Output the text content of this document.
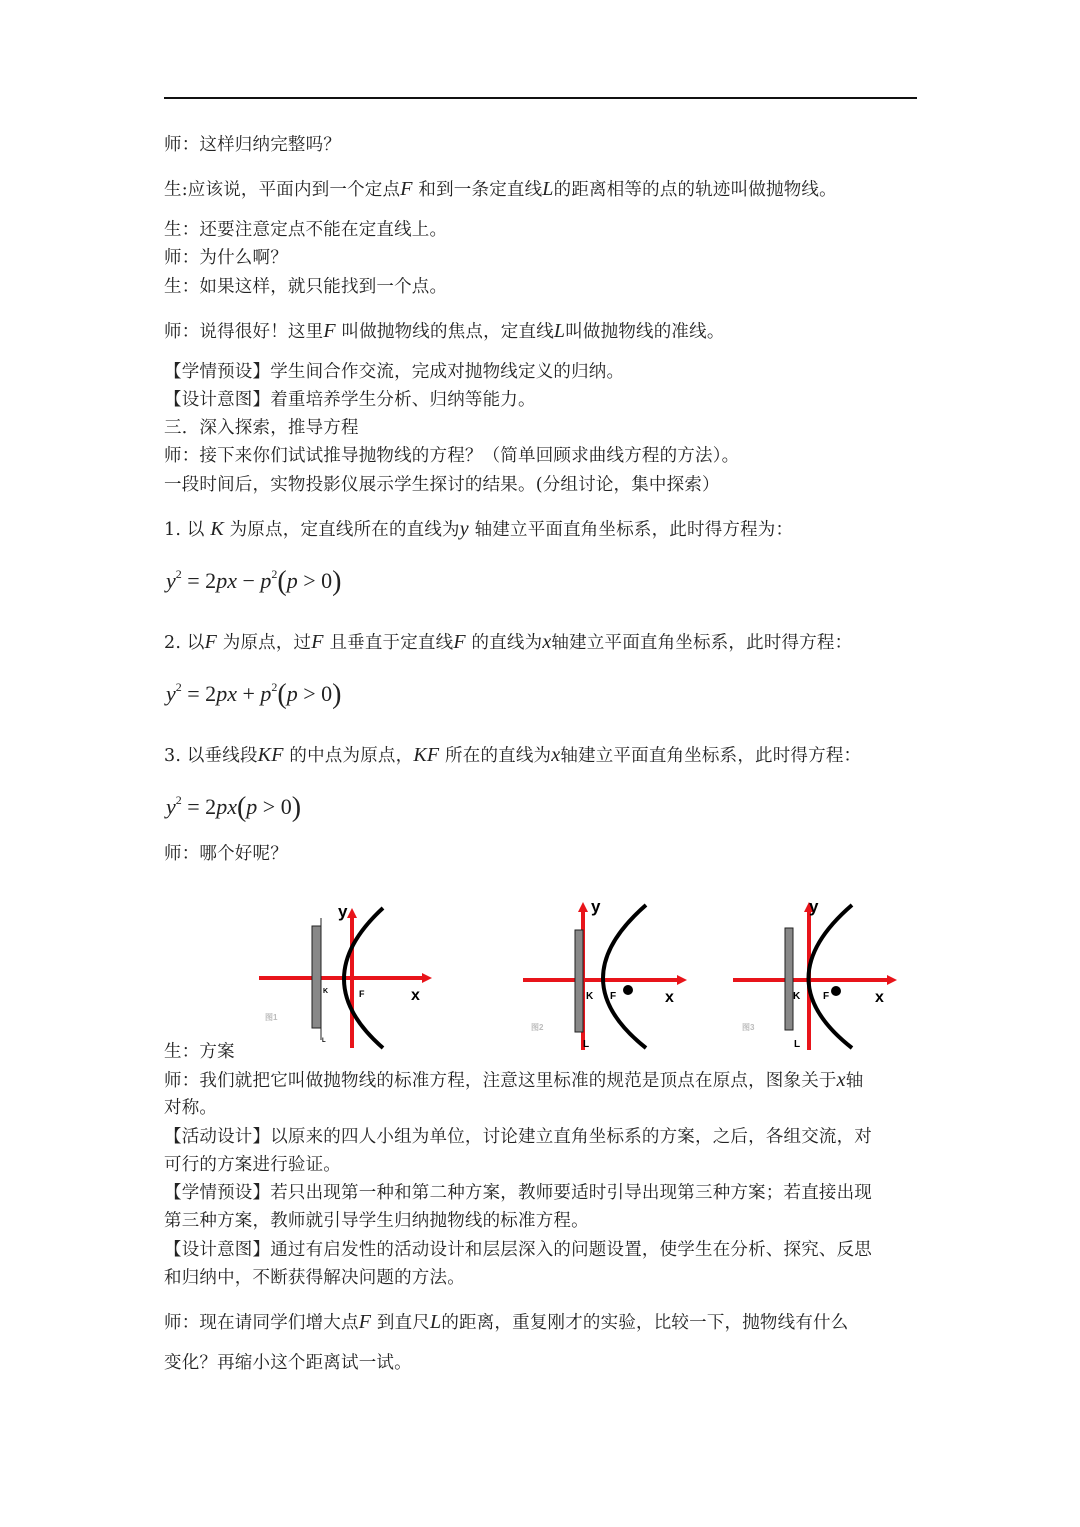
师：这样归纳完整吗？
生:应该说，平面内到一个定点F 和到一条定直线L的距离相等的点的轨迹叫做抛物线。
生：还要注意定点不能在定直线上。
师：为什么啊？
生：如果这样，就只能找到一个点。
师：说得很好！这里F 叫做抛物线的焦点，定直线L叫做抛物线的准线。
【学情预设】学生间合作交流，完成对抛物线定义的归纳。
【设计意图】着重培养学生分析、归纳等能力。
三．深入探索，推导方程
师：接下来你们试试推导抛物线的方程？（简单回顾求曲线方程的方法）。
一段时间后，实物投影仪展示学生探讨的结果。(分组讨论，集中探索）
1. 以 K 为原点，定直线所在的直线为y 轴建立平面直角坐标系，此时得方程为：
$y^2 = 2px - p^2(p > 0)$
2. 以F 为原点，过F 且垂直于定直线F 的直线为x轴建立平面直角坐标系，此时得方程：
$y^2 = 2px + p^2(p > 0)$
3. 以垂线段KF 的中点为原点，KF 所在的直线为x轴建立平面直角坐标系，此时得方程：
$y^2 = 2px(p > 0)$
师：哪个好呢？
y
x
K	F
L
图1
y
x
K F
L
图2
y
x
K F
L
图3
生：方案
师：我们就把它叫做抛物线的标准方程，注意这里标准的规范是顶点在原点，图象关于x轴
对称。
【活动设计】以原来的四人小组为单位，讨论建立直角坐标系的方案，之后，各组交流，对
可行的方案进行验证。
【学情预设】若只出现第一种和第二种方案，教师要适时引导出现第三种方案；若直接出现
第三种方案，教师就引导学生归纳抛物线的标准方程。
【设计意图】通过有启发性的活动设计和层层深入的问题设置，使学生在分析、探究、反思
和归纳中，不断获得解决问题的方法。
师：现在请同学们增大点F 到直尺L的距离，重复刚才的实验，比较一下，抛物线有什么
变化？再缩小这个距离试一试。
